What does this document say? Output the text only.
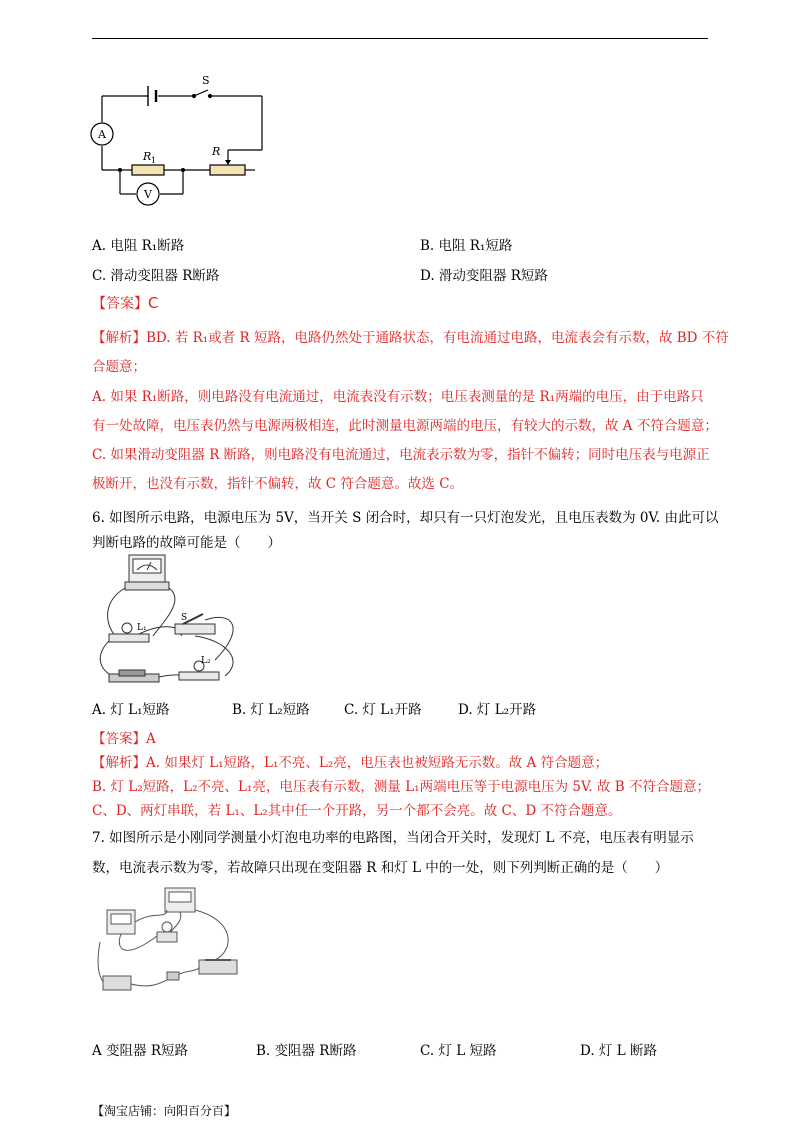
A
V
R 1
R
S
A. 电阻 R₁断路	B. 电阻 R₁短路
C. 滑动变阻器 R断路	D. 滑动变阻器 R短路
【答案】C
【解析】BD. 若 R₁或者 R 短路，电路仍然处于通路状态，有电流通过电路，电流表会有示数，故 BD 不符
合题意；
A. 如果 R₁断路，则电路没有电流通过，电流表没有示数；电压表测量的是 R₁两端的电压，由于电路只
有一处故障，电压表仍然与电源两极相连，此时测量电源两端的电压，有较大的示数，故 A 不符合题意；
C. 如果滑动变阻器 R 断路，则电路没有电流通过，电流表示数为零，指针不偏转；同时电压表与电源正
极断开，也没有示数，指针不偏转，故 C 符合题意。故选 C。
6. 如图所示电路，电源电压为 5V，当开关 S 闭合时，却只有一只灯泡发光，且电压表数为 0V. 由此可以
判断电路的故障可能是（　　）
S
L₁
L₂
A. 灯 L₁短路	B. 灯 L₂短路	C. 灯 L₁开路	D. 灯 L₂开路
【答案】A
【解析】A. 如果灯 L₁短路，L₁不亮、L₂亮，电压表也被短路无示数。故 A 符合题意；
B. 灯 L₂短路，L₂不亮、L₁亮，电压表有示数，测量 L₁两端电压等于电源电压为 5V. 故 B 不符合题意；
C、D、两灯串联，若 L₁、L₂其中任一个开路，另一个都不会亮。故 C、D 不符合题意。
7. 如图所示是小刚同学测量小灯泡电功率的电路图，当闭合开关时，发现灯 L 不亮，电压表有明显示
数，电流表示数为零，若故障只出现在变阻器 R 和灯 L 中的一处，则下列判断正确的是（　　）
A 变阻器 R短路	B. 变阻器 R断路	C. 灯 L 短路	D. 灯 L 断路
【淘宝店铺：向阳百分百】
